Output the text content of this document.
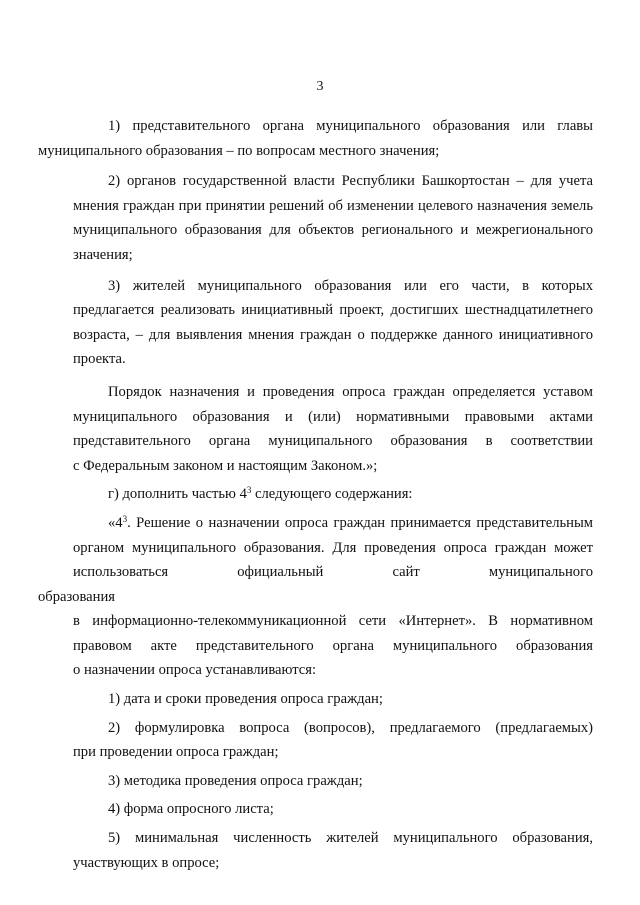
3
1) представительного органа муниципального образования или главы
муниципального образования – по вопросам местного значения;
2) органов государственной власти Республики Башкортостан – для учета
мнения граждан при принятии решений об изменении целевого назначения земель
муниципального образования для объектов регионального и межрегионального
значения;
3) жителей муниципального образования или его части, в которых
предлагается реализовать инициативный проект, достигших шестнадцатилетнего
возраста, – для выявления мнения граждан о поддержке данного инициативного
проекта.
Порядок назначения и проведения опроса граждан определяется уставом
муниципального образования и (или) нормативными правовыми актами
представительного органа муниципального образования в соответствии
с Федеральным законом и настоящим Законом.»;
г) дополнить частью $4^3$ следующего содержания:
«$4^3$. Решение о назначении опроса граждан принимается представительным
органом муниципального образования. Для проведения опроса граждан может
использоваться официальный сайт муниципального образования
в информационно-телекоммуникационной сети «Интернет». В нормативном
правовом акте представительного органа муниципального образования
о назначении опроса устанавливаются:
1) дата и сроки проведения опроса граждан;
2) формулировка вопроса (вопросов), предлагаемого (предлагаемых)
при проведении опроса граждан;
3) методика проведения опроса граждан;
4) форма опросного листа;
5) минимальная численность жителей муниципального образования,
участвующих в опросе;
